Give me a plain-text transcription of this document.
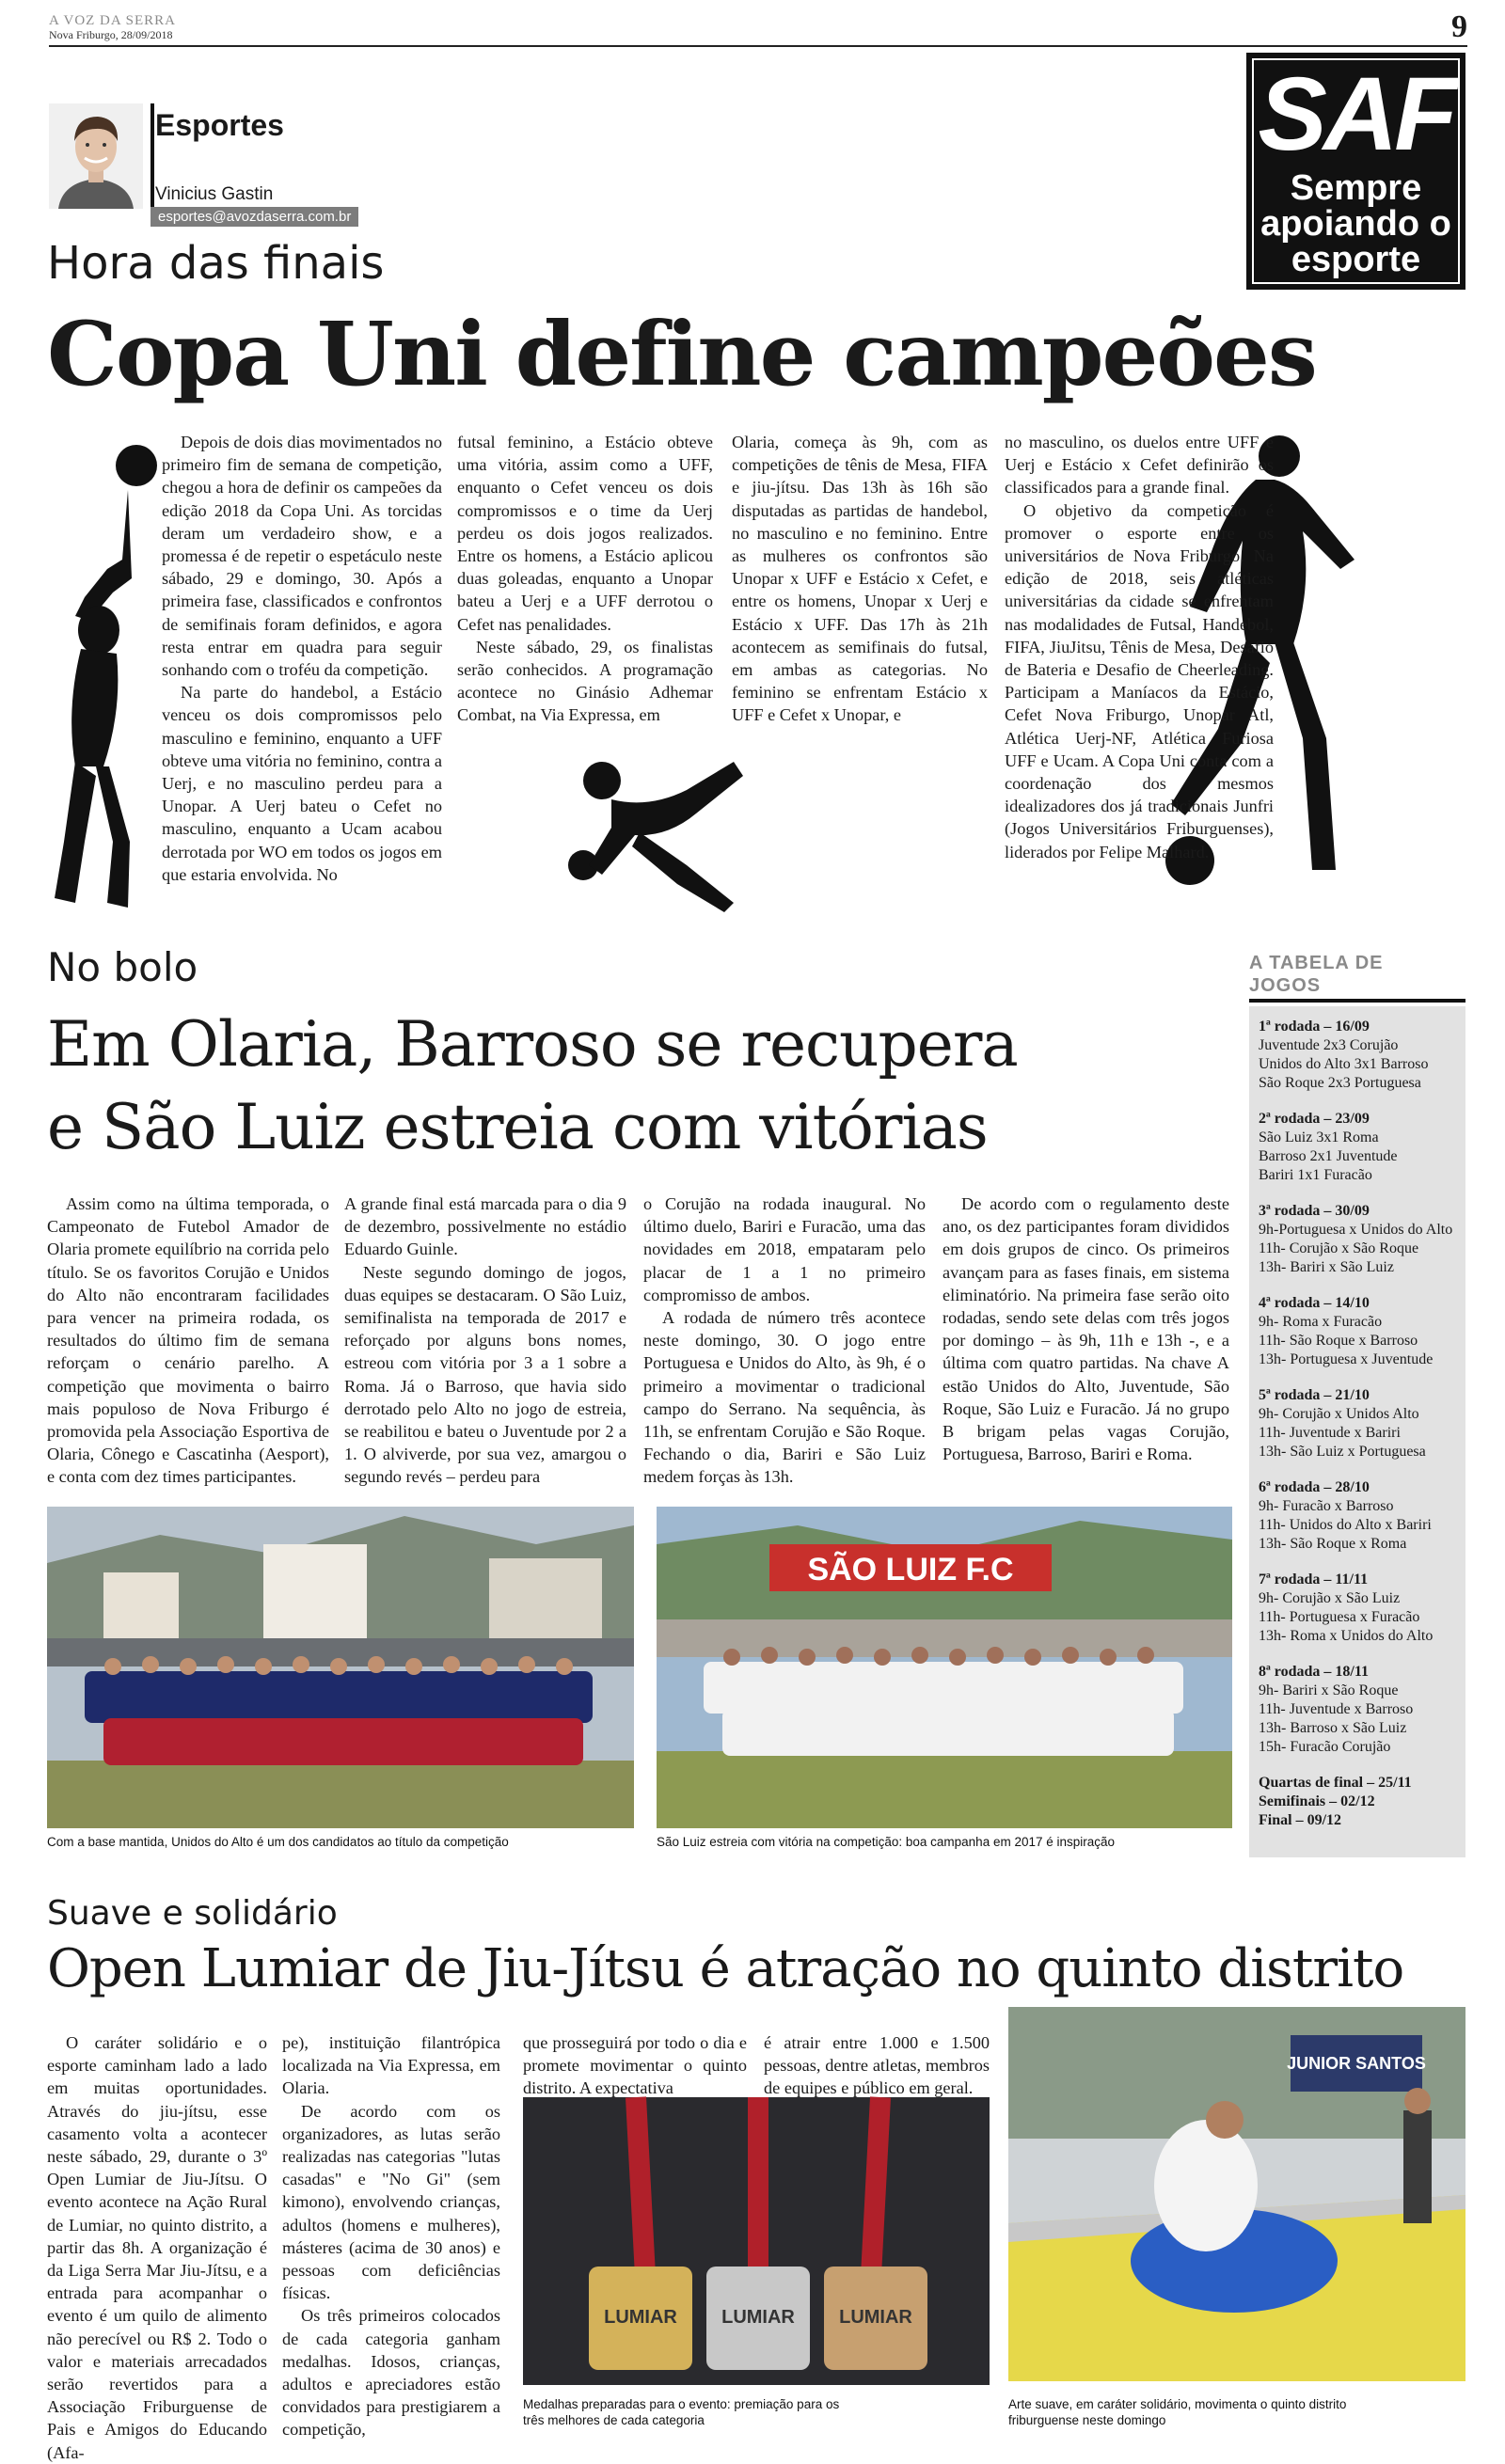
A VOZ DA SERRA
Nova Friburgo, 28/09/2018	9
Esportes
Vinicius Gastin
esportes@avozdaserra.com.br
SAF
Sempre
apoiando o
esporte
Hora das finais
Copa Uni define campeões

Depois de dois dias movimentados no primeiro fim de semana de competição, chegou a hora de definir os campeões da edição 2018 da Copa Uni. As torcidas deram um verdadeiro show, e a promessa é de repetir o espetáculo neste sábado, 29 e domingo, 30. Após a primeira fase, classificados e confrontos de semifinais foram definidos, e agora resta entrar em quadra para seguir sonhando com o troféu da competição.

Na parte do handebol, a Estácio venceu os dois compromissos pelo masculino e feminino, enquanto a UFF obteve uma vitória no feminino, contra a Uerj, e no masculino perdeu para a Unopar. A Uerj bateu o Cefet no masculino, enquanto a Ucam acabou derrotada por WO em todos os jogos em que estaria envolvida. No

futsal feminino, a Estácio obteve uma vitória, assim como a UFF, enquanto o Cefet venceu os dois compromissos e o time da Uerj perdeu os dois jogos realizados. Entre os homens, a Estácio aplicou duas goleadas, enquanto a Unopar bateu a Uerj e a UFF derrotou o Cefet nas penalidades.

Neste sábado, 29, os finalistas serão conhecidos. A programação acontece no Ginásio Adhemar Combat, na Via Expressa, em

Olaria, começa às 9h, com as competições de tênis de Mesa, FIFA e jiu-jítsu. Das 13h às 16h são disputadas as partidas de handebol, no masculino e no feminino. Entre as mulheres os confrontos são Unopar x UFF e Estácio x Cefet, e entre os homens, Unopar x Uerj e Estácio x UFF. Das 17h às 21h acontecem as semifinais do futsal, em ambas as categorias. No feminino se enfrentam Estácio x UFF e Cefet x Unopar, e

no masculino, os duelos entre UFF e Uerj e Estácio x Cefet definirão os classificados para a grande final.

O objetivo da competição é promover o esporte entre os universitários de Nova Friburgo. Na edição de 2018, seis atléticas universitárias da cidade se enfrentam nas modalidades de Futsal, Handebol, FIFA, JiuJitsu, Tênis de Mesa, Desafio de Bateria e Desafio de Cheerleading. Participam a Maníacos da Estácio, Cefet Nova Friburgo, Unopar Atl, Atlética Uerj-NF, Atlética Furiosa UFF e Ucam. A Copa Uni conta com a coordenação dos mesmos idealizadores dos já tradicionais Junfri (Jogos Universitários Friburguenses), liderados por Felipe Malhard.

No bolo
Em Olaria, Barroso se recupera
e São Luiz estreia com vitórias

Assim como na última temporada, o Campeonato de Futebol Amador de Olaria promete equilíbrio na corrida pelo título. Se os favoritos Corujão e Unidos do Alto não encontraram facilidades para vencer na primeira rodada, os resultados do último fim de semana reforçam o cenário parelho. A competição que movimenta o bairro mais populoso de Nova Friburgo é promovida pela Associação Esportiva de Olaria, Cônego e Cascatinha (Aesport), e conta com dez times participantes.

A grande final está marcada para o dia 9 de dezembro, possivelmente no estádio Eduardo Guinle.

Neste segundo domingo de jogos, duas equipes se destacaram. O São Luiz, semifinalista na temporada de 2017 e reforçado por alguns bons nomes, estreou com vitória por 3 a 1 sobre a Roma. Já o Barroso, que havia sido derrotado pelo Alto no jogo de estreia, se reabilitou e bateu o Juventude por 2 a 1. O alviverde, por sua vez, amargou o segundo revés – perdeu para

o Corujão na rodada inaugural. No último duelo, Bariri e Furacão, uma das novidades em 2018, empataram pelo placar de 1 a 1 no primeiro compromisso de ambos.

A rodada de número três acontece neste domingo, 30. O jogo entre Portuguesa e Unidos do Alto, às 9h, é o primeiro a movimentar o tradicional campo do Serrano. Na sequência, às 11h, se enfrentam Corujão e São Roque. Fechando o dia, Bariri e São Luiz medem forças às 13h.

De acordo com o regulamento deste ano, os dez participantes foram divididos em dois grupos de cinco. Os primeiros avançam para as fases finais, em sistema eliminatório. Na primeira fase serão oito rodadas, sendo sete delas com três jogos por domingo – às 9h, 11h e 13h -, e a última com quatro partidas. Na chave A estão Unidos do Alto, Juventude, São Roque, São Luiz e Furacão. Já no grupo B brigam pelas vagas Corujão, Portuguesa, Barroso, Bariri e Roma.

Com a base mantida, Unidos do Alto é um dos candidatos ao título da competição
SÃO LUIZ F.C
São Luiz estreia com vitória na competição: boa campanha em 2017 é inspiração
A TABELA DE
JOGOS
1ª rodada – 16/09
Juventude 2x3 Corujão
Unidos do Alto 3x1 Barroso
São Roque 2x3 Portuguesa
2ª rodada – 23/09
São Luiz 3x1 Roma
Barroso 2x1 Juventude
Bariri 1x1 Furacão
3ª rodada – 30/09
9h-Portuguesa x Unidos do Alto
11h- Corujão x São Roque
13h- Bariri x São Luiz
4ª rodada – 14/10
9h- Roma x Furacão
11h- São Roque x Barroso
13h- Portuguesa x Juventude
5ª rodada – 21/10
9h- Corujão x Unidos Alto
11h- Juventude x Bariri
13h- São Luiz x Portuguesa
6ª rodada – 28/10
9h- Furacão x Barroso
11h- Unidos do Alto x Bariri
13h- São Roque x Roma
7ª rodada – 11/11
9h- Corujão x São Luiz
11h- Portuguesa x Furacão
13h- Roma x Unidos do Alto
8ª rodada – 18/11
9h- Bariri x São Roque
11h- Juventude x Barroso
13h- Barroso x São Luiz
15h- Furacão Corujão
Quartas de final – 25/11
Semifinais – 02/12
Final – 09/12
Suave e solidário
Open Lumiar de Jiu-Jítsu é atração no quinto distrito

O caráter solidário e o esporte caminham lado a lado em muitas oportunidades. Através do jiu-jítsu, esse casamento volta a acontecer neste sábado, 29, durante o 3º Open Lumiar de Jiu-Jítsu. O evento acontece na Ação Rural de Lumiar, no quinto distrito, a partir das 8h. A organização é da Liga Serra Mar Jiu-Jítsu, e a entrada para acompanhar o evento é um quilo de alimento não perecível ou R$ 2. Todo o valor e materiais arrecadados serão revertidos para a Associação Friburguense de Pais e Amigos do Educando (Afa-

pe), instituição filantrópica localizada na Via Expressa, em Olaria.

De acordo com os organizadores, as lutas serão realizadas nas categorias "lutas casadas" e "No Gi" (sem kimono), envolvendo crianças, adultos (homens e mulheres), másteres (acima de 30 anos) e pessoas com deficiências físicas.

Os três primeiros colocados de cada categoria ganham medalhas. Idosos, crianças, adultos e apreciadores estão convidados para prestigiarem a competição,

que prosseguirá por todo o dia e promete movimentar o quinto distrito. A expectativa

é atrair entre 1.000 e 1.500 pessoas, dentre atletas, membros de equipes e público em geral.

LUMIAR LUMIAR LUMIAR
Medalhas preparadas para o evento: premiação para os
três melhores de cada categoria
JUNIOR SANTOS
Arte suave, em caráter solidário, movimenta o quinto distrito
friburguense neste domingo
